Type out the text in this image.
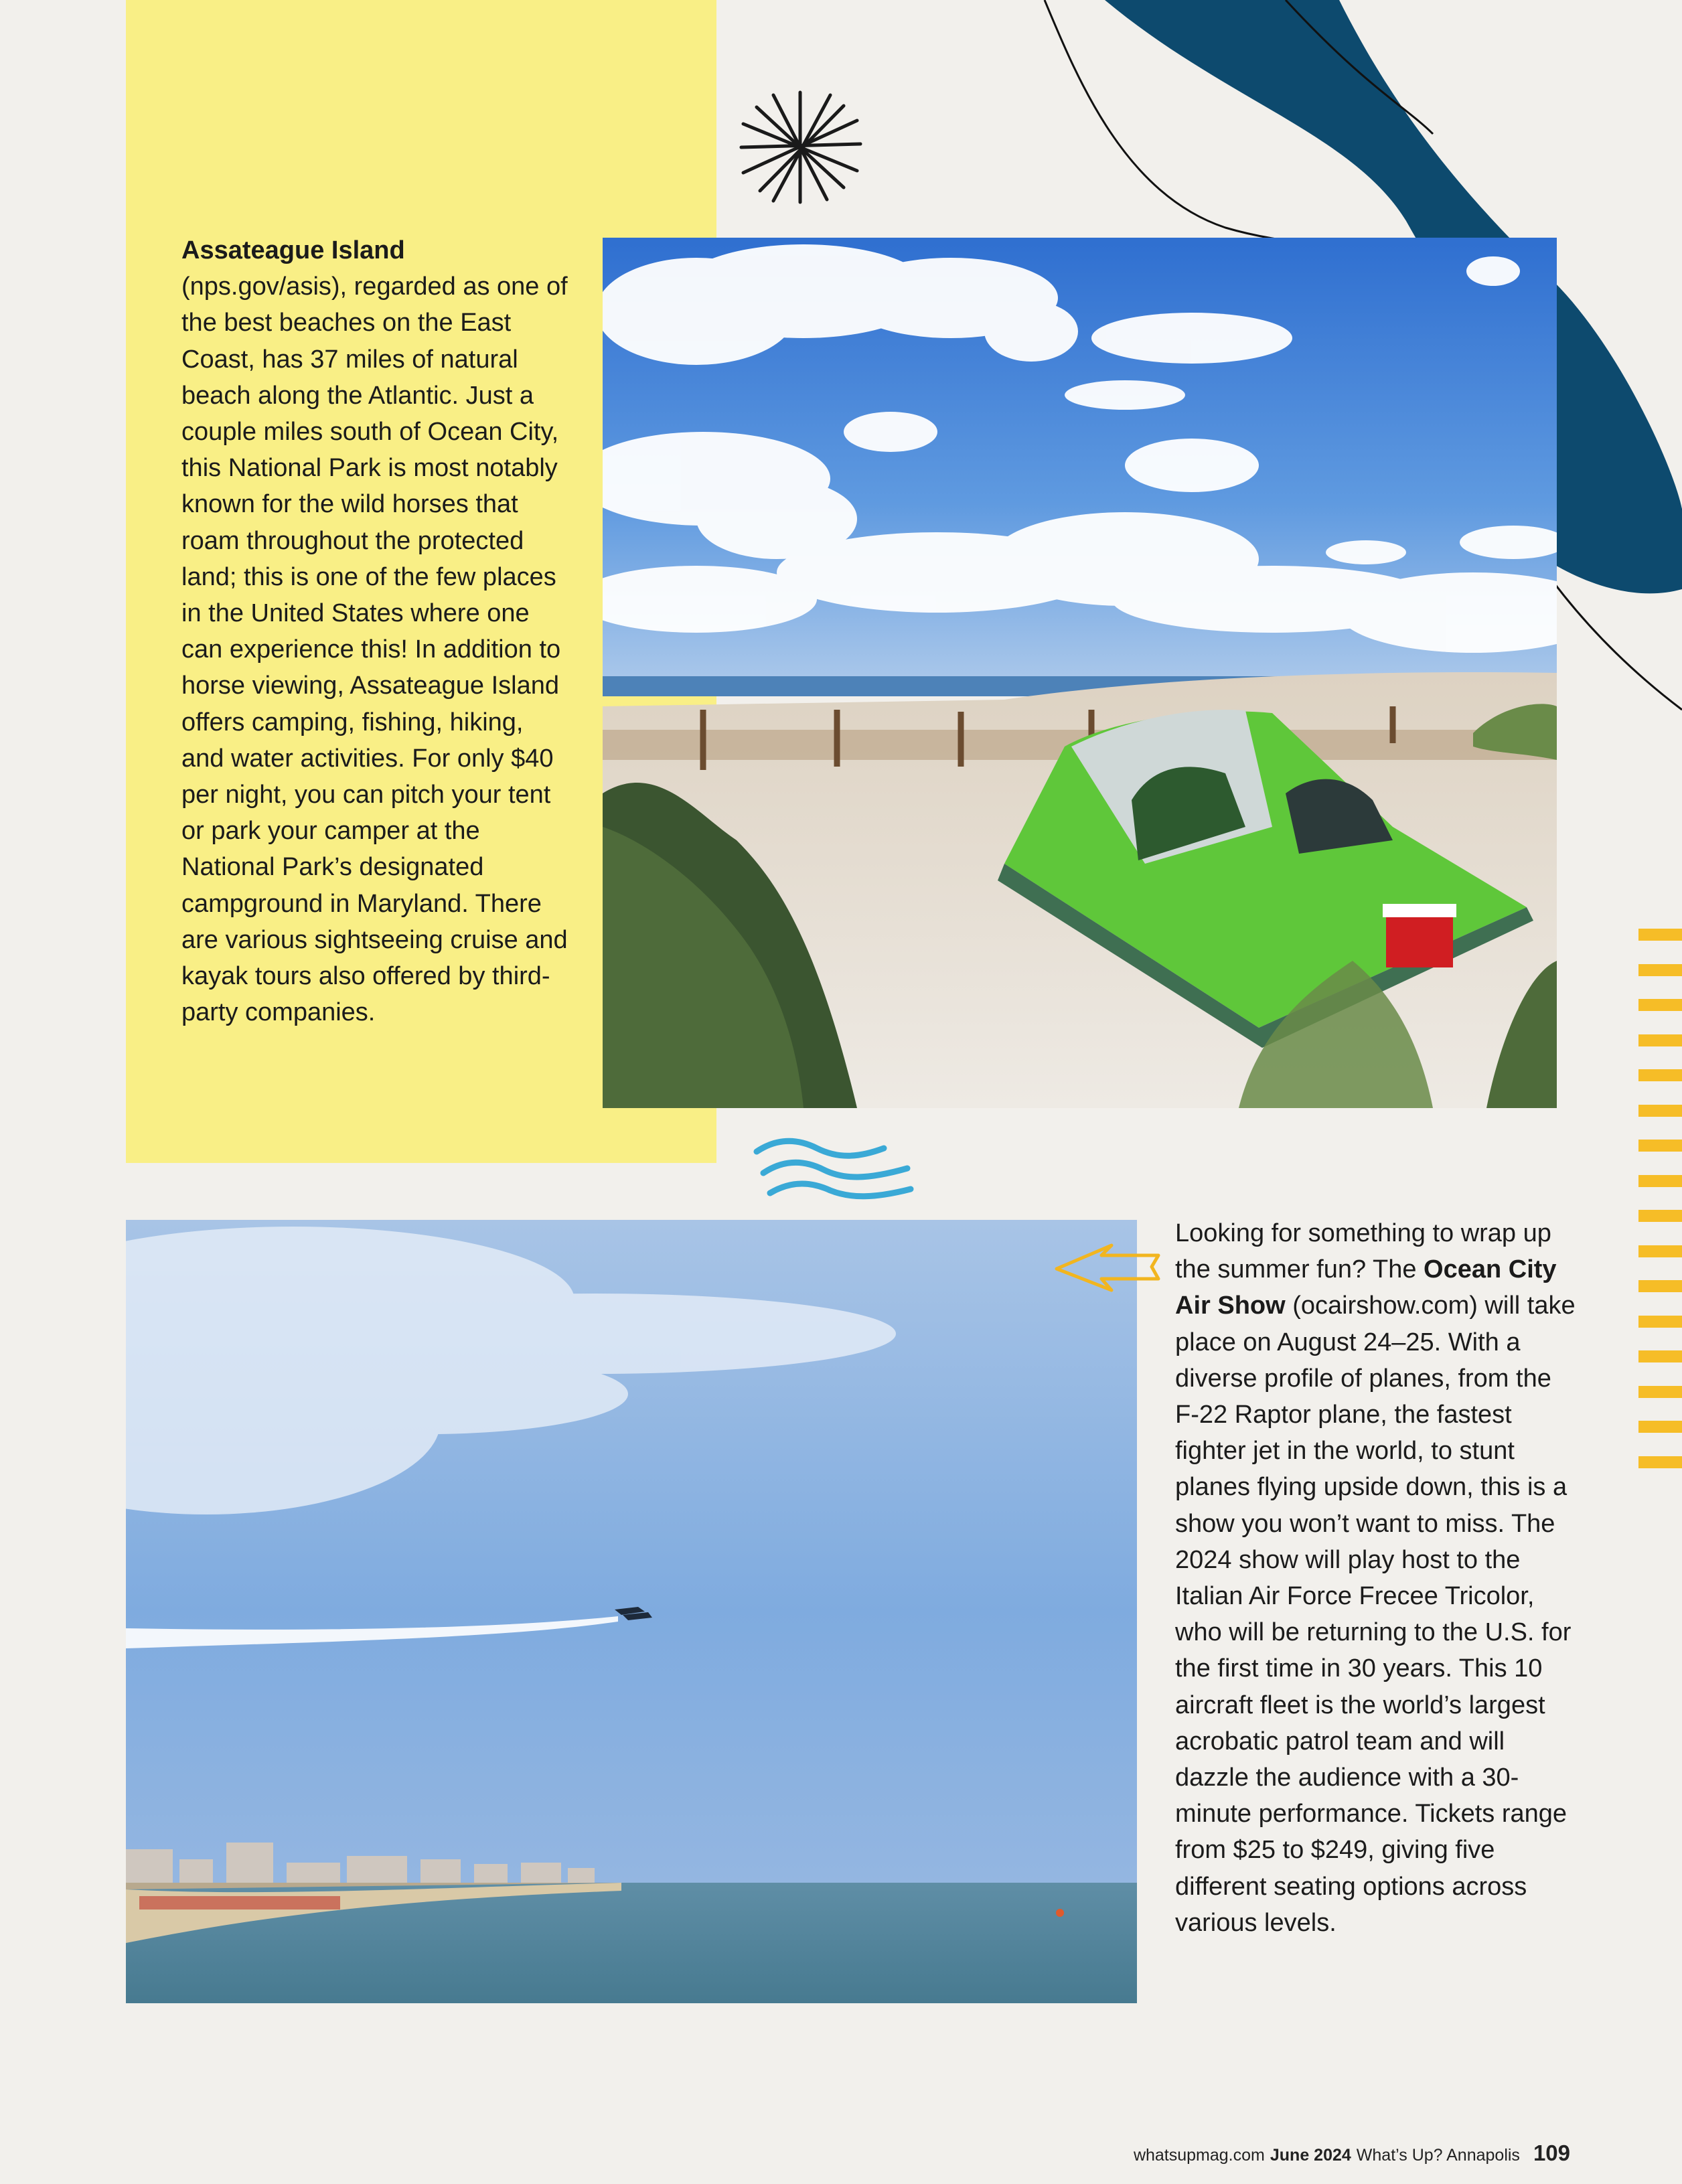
Assateague Island (nps.gov/asis), regarded as one of the best beaches on the East Coast, has 37 miles of natural beach along the Atlantic. Just a couple miles south of Ocean City, this National Park is most notably known for the wild horses that roam throughout the protected land; this is one of the few places in the United States where one can experience this! In addition to horse viewing, Assateague Island offers camping, fishing, hiking, and water activities. For only $40 per night, you can pitch your tent or park your camper at the National Park’s designated campground in Maryland. There are various sightseeing cruise and kayak tours also offered by third-party companies.
Looking for something to wrap up the summer fun? The Ocean City Air Show (ocairshow.com) will take place on August 24–25. With a diverse profile of planes, from the F-22 Raptor plane, the fastest fighter jet in the world, to stunt planes flying upside down, this is a show you won’t want to miss. The 2024 show will play host to the Italian Air Force Frecee Tricolor, who will be returning to the U.S. for the first time in 30 years. This 10 aircraft fleet is the world’s largest acrobatic patrol team and will dazzle the audience with a 30-minute performance. Tickets range from $25 to $249, giving five different seating options across various levels.
whatsupmag.com June 2024 What’s Up? Annapolis 109
